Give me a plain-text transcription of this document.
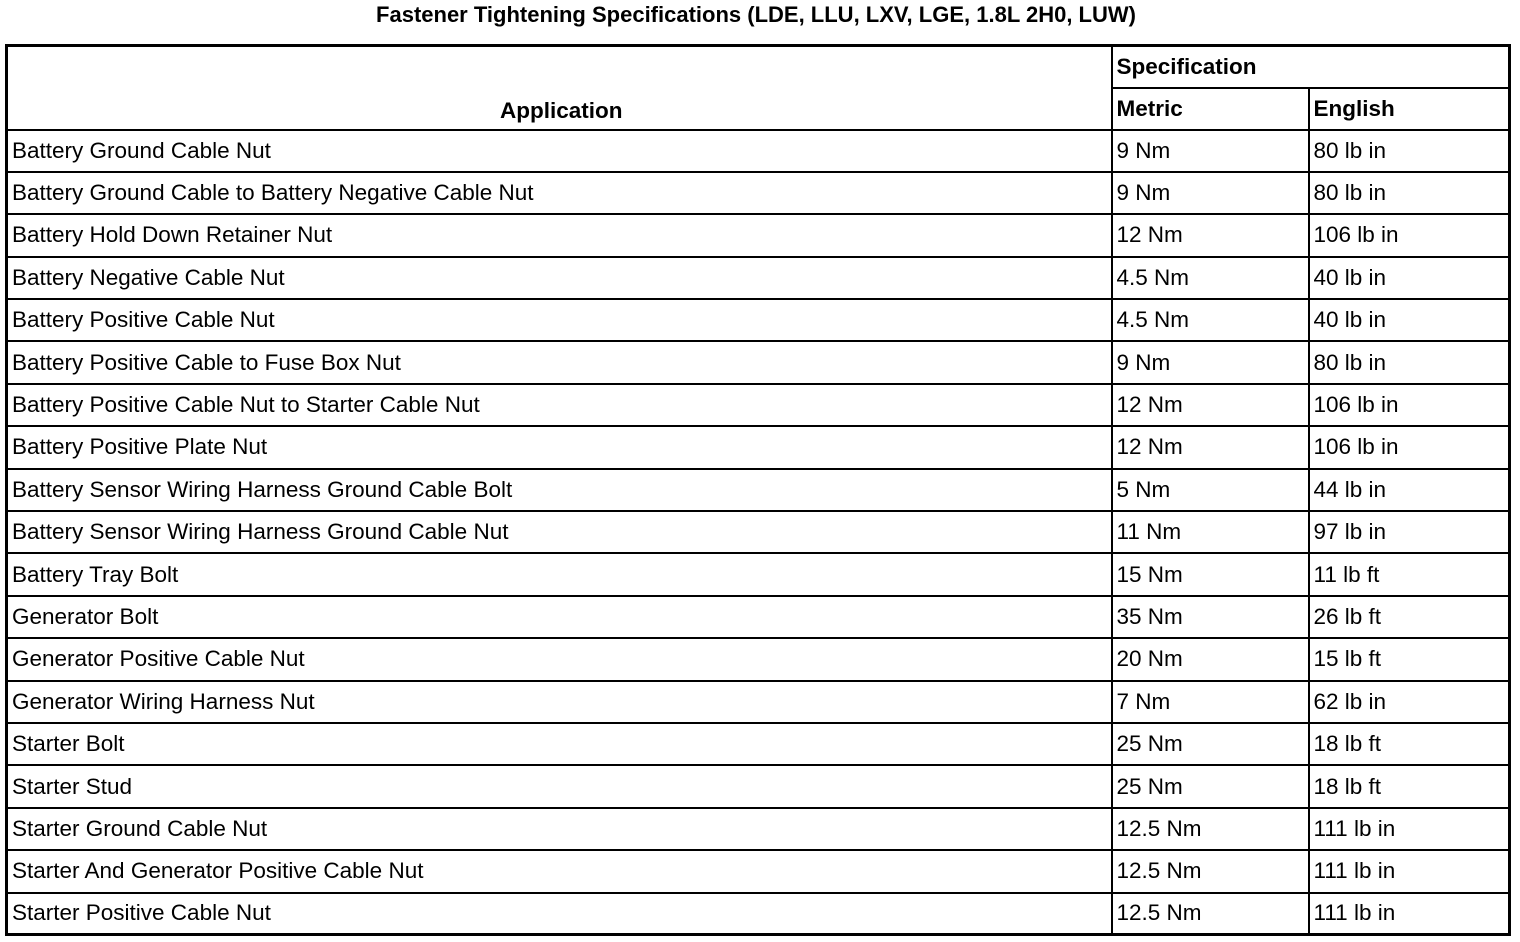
Fastener Tightening Specifications (LDE, LLU, LXV, LGE, 1.8L 2H0, LUW)
Application	Specification	
	Metric	English
Battery Ground Cable Nut	9 Nm	80 lb in
Battery Ground Cable to Battery Negative Cable Nut	9 Nm	80 lb in
Battery Hold Down Retainer Nut	12 Nm	106 lb in
Battery Negative Cable Nut	4.5 Nm	40 lb in
Battery Positive Cable Nut	4.5 Nm	40 lb in
Battery Positive Cable to Fuse Box Nut	9 Nm	80 lb in
Battery Positive Cable Nut to Starter Cable Nut	12 Nm	106 lb in
Battery Positive Plate Nut	12 Nm	106 lb in
Battery Sensor Wiring Harness Ground Cable Bolt	5 Nm	44 lb in
Battery Sensor Wiring Harness Ground Cable Nut	11 Nm	97 lb in
Battery Tray Bolt	15 Nm	11 lb ft
Generator Bolt	35 Nm	26 lb ft
Generator Positive Cable Nut	20 Nm	15 lb ft
Generator Wiring Harness Nut	7 Nm	62 lb in
Starter Bolt	25 Nm	18 lb ft
Starter Stud	25 Nm	18 lb ft
Starter Ground Cable Nut	12.5 Nm	111 lb in
Starter And Generator Positive Cable Nut	12.5 Nm	111 lb in
Starter Positive Cable Nut	12.5 Nm	111 lb in
